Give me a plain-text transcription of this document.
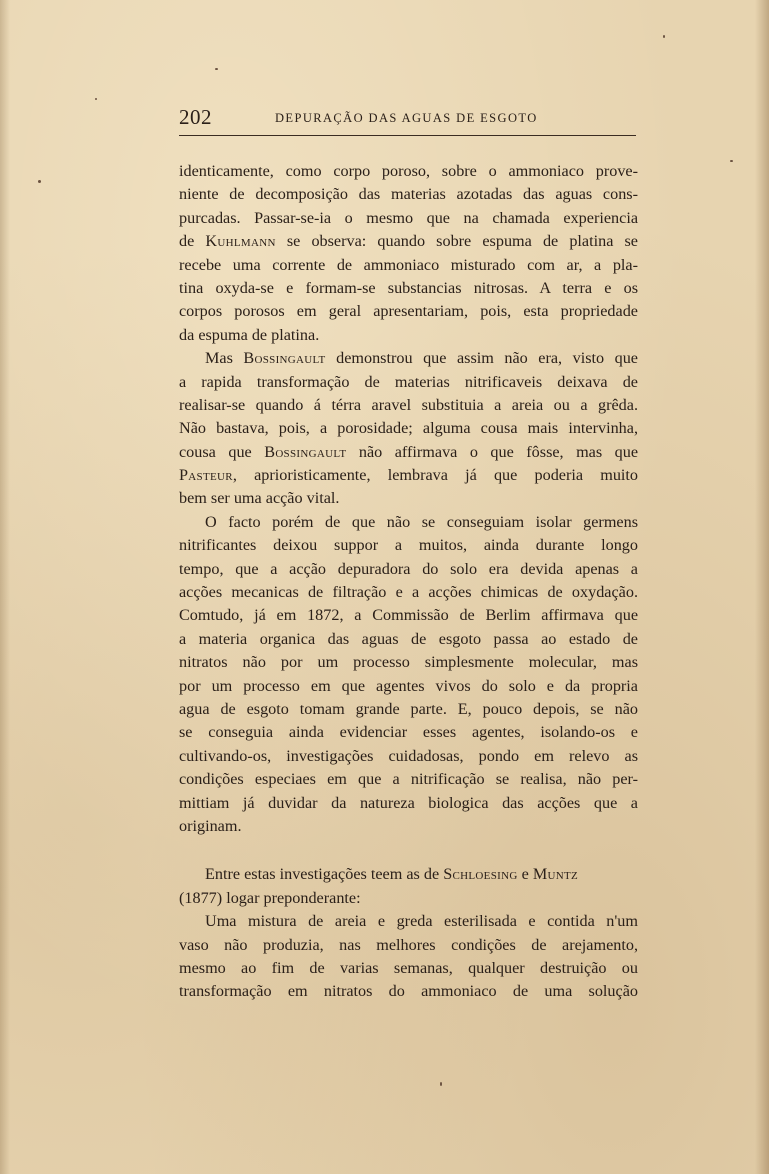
202	DEPURAÇÃO DAS AGUAS DE ESGOTO
identicamente, como corpo poroso, sobre o ammoniaco prove-
niente de decomposição das materias azotadas das aguas cons-
purcadas. Passar-se-ia o mesmo que na chamada experiencia
de Kuhlmann se observa: quando sobre espuma de platina se
recebe uma corrente de ammoniaco misturado com ar, a pla-
tina oxyda-se e formam-se substancias nitrosas. A terra e os
corpos porosos em geral apresentariam, pois, esta propriedade
da espuma de platina.
Mas Bossingault demonstrou que assim não era, visto que
a rapida transformação de materias nitrificaveis deixava de
realisar-se quando á térra aravel substituia a areia ou a grêda.
Não bastava, pois, a porosidade; alguma cousa mais intervinha,
cousa que Bossingault não affirmava o que fôsse, mas que
Pasteur, aprioristicamente, lembrava já que poderia muito
bem ser uma acção vital.
O facto porém de que não se conseguiam isolar germens
nitrificantes deixou suppor a muitos, ainda durante longo
tempo, que a acção depuradora do solo era devida apenas a
acções mecanicas de filtração e a acções chimicas de oxydação.
Comtudo, já em 1872, a Commissão de Berlim affirmava que
a materia organica das aguas de esgoto passa ao estado de
nitratos não por um processo simplesmente molecular, mas
por um processo em que agentes vivos do solo e da propria
agua de esgoto tomam grande parte. E, pouco depois, se não
se conseguia ainda evidenciar esses agentes, isolando-os e
cultivando-os, investigações cuidadosas, pondo em relevo as
condições especiaes em que a nitrificação se realisa, não per-
mittiam já duvidar da natureza biologica das acções que a
originam.
Entre estas investigações teem as de Schloesing e Muntz
(1877) logar preponderante:
Uma mistura de areia e greda esterilisada e contida n'um
vaso não produzia, nas melhores condições de arejamento,
mesmo ao fim de varias semanas, qualquer destruição ou
transformação em nitratos do ammoniaco de uma solução
